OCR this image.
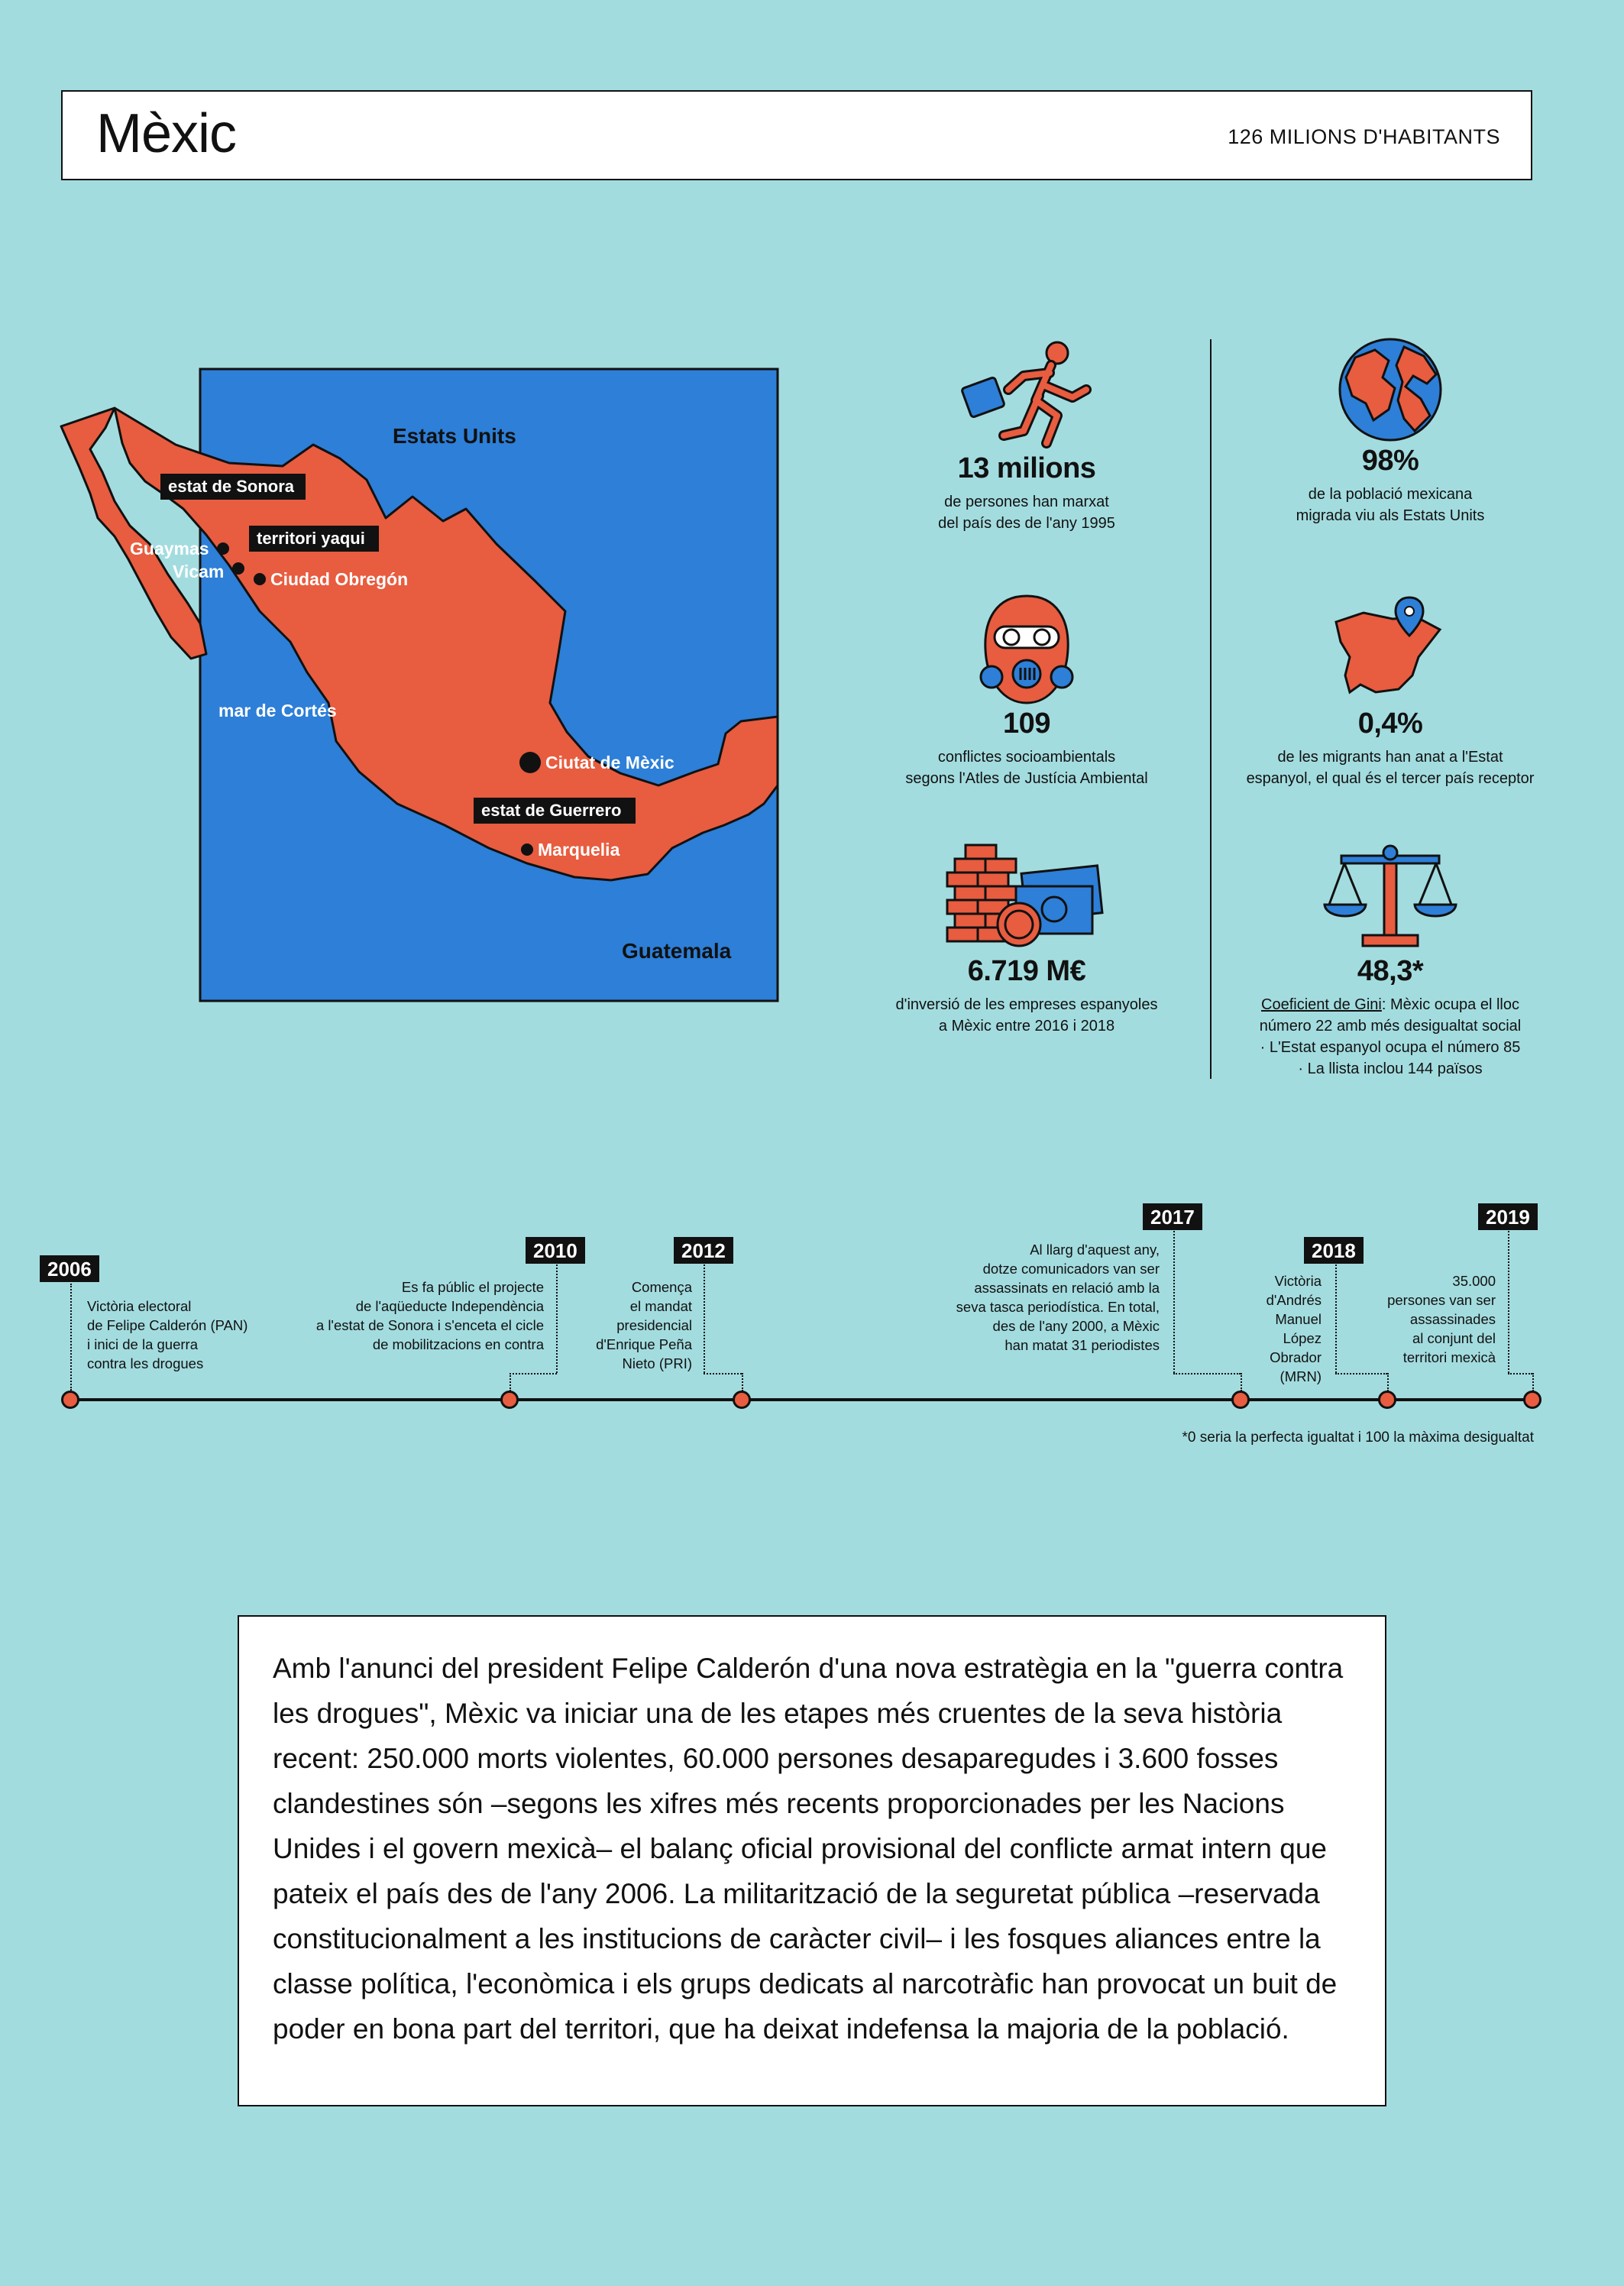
Mèxic	126 MILIONS D'HABITANTS
Estats Units
Guatemala
mar de Cortés
estat de Sonora
territori yaqui
estat de Guerrero
Guaymas
Vicam	Ciudad Obregón
Ciutat de Mèxic
Marquelia
13 milions
de persones han marxat
del país des de l'any 1995
98%
de la població mexicana
migrada viu als Estats Units
109
conflictes socioambientals
segons l'Atles de Justícia Ambiental
0,4%
de les migrants han anat a l'Estat
espanyol, el qual és el tercer país receptor
6.719 M€
d'inversió de les empreses espanyoles
a Mèxic entre 2016 i 2018
48,3*
Coeficient de Gini: Mèxic ocupa el lloc
número 22 amb més desigualtat social
· L'Estat espanyol ocupa el número 85
· La llista inclou 144 països
2006
Victòria electoral
de Felipe Calderón (PAN)
i inici de la guerra
contra les drogues
2010
Es fa públic el projecte
de l'aqüeducte Independència
a l'estat de Sonora i s'enceta el cicle
de mobilitzacions en contra
2012
Comença
el mandat
presidencial
d'Enrique Peña
Nieto (PRI)
2017
Al llarg d'aquest any,
dotze comunicadors van ser
assassinats en relació amb la
seva tasca periodística. En total,
des de l'any 2000, a Mèxic
han matat 31 periodistes
2018
Victòria
d'Andrés
Manuel
López
Obrador
(MRN)
2019
35.000
persones van ser
assassinades
al conjunt del
territori mexicà
*0 seria la perfecta igualtat i 100 la màxima desigualtat

Amb l'anunci del president Felipe Calderón d'una nova estratègia en la "guerra contra les drogues", Mèxic va iniciar una de les etapes més cruentes de la seva història recent: 250.000 morts violentes, 60.000 persones desaparegudes i 3.600 fosses clandestines són –segons les xifres més recents proporcionades per les Nacions Unides i el govern mexicà– el balanç oficial provisional del conflicte armat intern que pateix el país des de l'any 2006. La militarització de la seguretat pública –reservada constitucionalment a les institucions de caràcter civil– i les fosques aliances entre la classe política, l'econòmica i els grups dedicats al narcotràfic han provocat un buit de poder en bona part del territori, que ha deixat indefensa la majoria de la població.
